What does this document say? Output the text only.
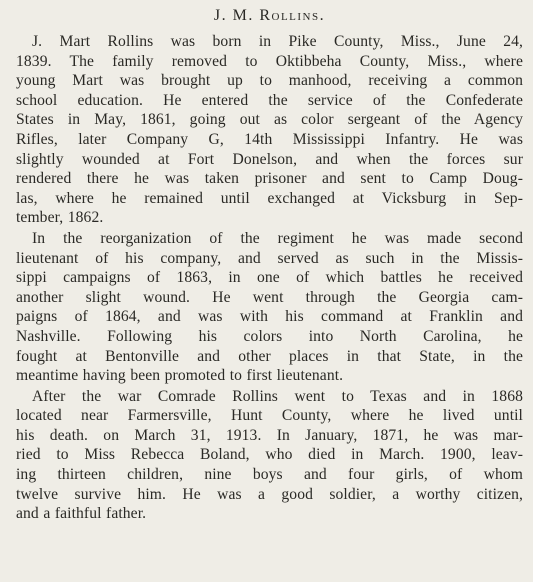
J. M. Rollins.

J. Mart Rollins was born in Pike County, Miss., June 24,
1839. The family removed to Oktibbeha County, Miss., where
young Mart was brought up to manhood, receiving a common
school education. He entered the service of the Confederate
States in May, 1861, going out as color sergeant of the Agency
Rifles, later Company G, 14th Mississippi Infantry. He was
slightly wounded at Fort Donelson, and when the forces sur
rendered there he was taken prisoner and sent to Camp Doug-
las, where he remained until exchanged at Vicksburg in Sep-
tember, 1862.

In the reorganization of the regiment he was made second
lieutenant of his company, and served as such in the Missis-
sippi campaigns of 1863, in one of which battles he received
another slight wound. He went through the Georgia cam-
paigns of 1864, and was with his command at Franklin and
Nashville. Following his colors into North Carolina, he
fought at Bentonville and other places in that State, in the
meantime having been promoted to first lieutenant.

After the war Comrade Rollins went to Texas and in 1868
located near Farmersville, Hunt County, where he lived until
his death. on March 31, 1913. In January, 1871, he was mar-
ried to Miss Rebecca Boland, who died in March. 1900, leav-
ing thirteen children, nine boys and four girls, of whom
twelve survive him. He was a good soldier, a worthy citizen,
and a faithful father.
